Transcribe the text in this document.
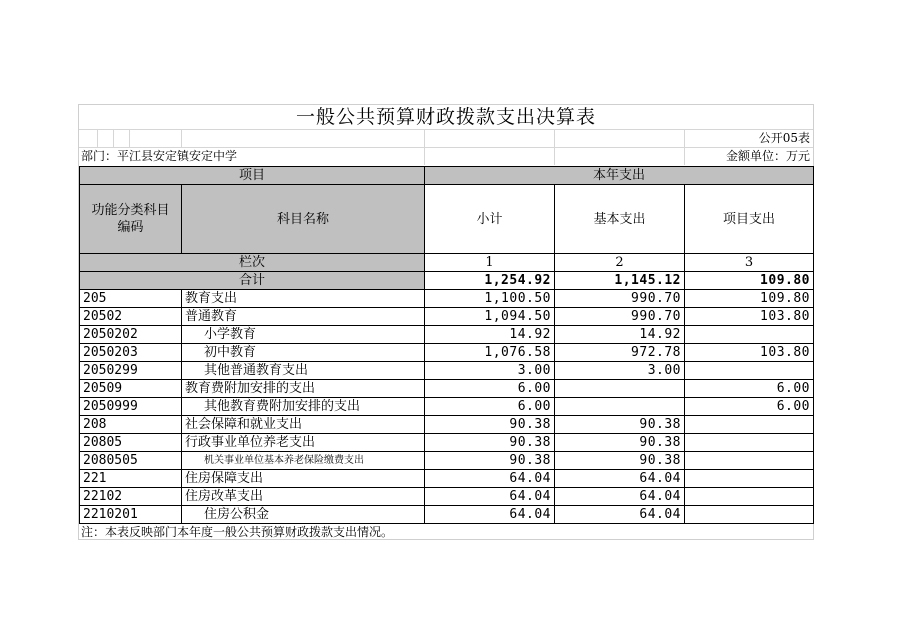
一般公共预算财政拨款支出决算表
公开05表
部门：平江县安定镇安定中学	金额单位：万元
项目		本年支出		
功能分类科目编码	科目名称	小计	基本支出	项目支出
栏次		1	2	3
合计		1,254.92	1,145.12	109.80
205	教育支出	1,100.50	990.70	109.80
20502	普通教育	1,094.50	990.70	103.80
2050202	小学教育	14.92	14.92	
2050203	初中教育	1,076.58	972.78	103.80
2050299	其他普通教育支出	3.00	3.00	
20509	教育费附加安排的支出	6.00		6.00
2050999	其他教育费附加安排的支出	6.00		6.00
208	社会保障和就业支出	90.38	90.38	
20805	行政事业单位养老支出	90.38	90.38	
2080505	机关事业单位基本养老保险缴费支出	90.38	90.38	
221	住房保障支出	64.04	64.04	
22102	住房改革支出	64.04	64.04	
2210201	住房公积金	64.04	64.04	
注：本表反映部门本年度一般公共预算财政拨款支出情况。
